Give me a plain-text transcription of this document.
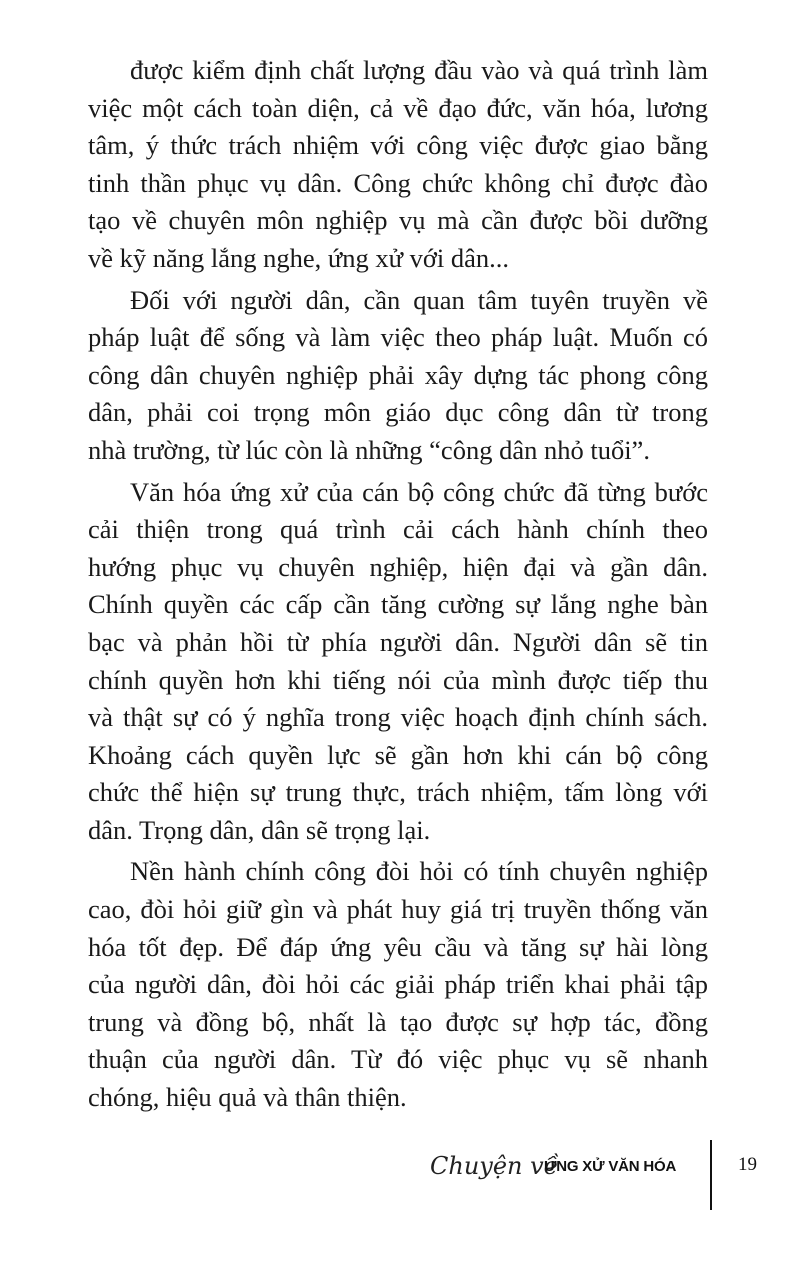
được kiểm định chất lượng đầu vào và quá trình làm
việc một cách toàn diện, cả về đạo đức, văn hóa, lương
tâm, ý thức trách nhiệm với công việc được giao bằng
tinh thần phục vụ dân. Công chức không chỉ được đào
tạo về chuyên môn nghiệp vụ mà cần được bồi dưỡng
về kỹ năng lắng nghe, ứng xử với dân...
Đối với người dân, cần quan tâm tuyên truyền về
pháp luật để sống và làm việc theo pháp luật. Muốn có
công dân chuyên nghiệp phải xây dựng tác phong công
dân, phải coi trọng môn giáo dục công dân từ trong
nhà trường, từ lúc còn là những “công dân nhỏ tuổi”.
Văn hóa ứng xử của cán bộ công chức đã từng bước
cải thiện trong quá trình cải cách hành chính theo
hướng phục vụ chuyên nghiệp, hiện đại và gần dân.
Chính quyền các cấp cần tăng cường sự lắng nghe bàn
bạc và phản hồi từ phía người dân. Người dân sẽ tin
chính quyền hơn khi tiếng nói của mình được tiếp thu
và thật sự có ý nghĩa trong việc hoạch định chính sách.
Khoảng cách quyền lực sẽ gần hơn khi cán bộ công
chức thể hiện sự trung thực, trách nhiệm, tấm lòng với
dân. Trọng dân, dân sẽ trọng lại.
Nền hành chính công đòi hỏi có tính chuyên nghiệp
cao, đòi hỏi giữ gìn và phát huy giá trị truyền thống văn
hóa tốt đẹp. Để đáp ứng yêu cầu và tăng sự hài lòng
của người dân, đòi hỏi các giải pháp triển khai phải tập
trung và đồng bộ, nhất là tạo được sự hợp tác, đồng
thuận của người dân. Từ đó việc phục vụ sẽ nhanh
chóng, hiệu quả và thân thiện.
Chuyện về
ỨNG XỬ VĂN HÓA	19
